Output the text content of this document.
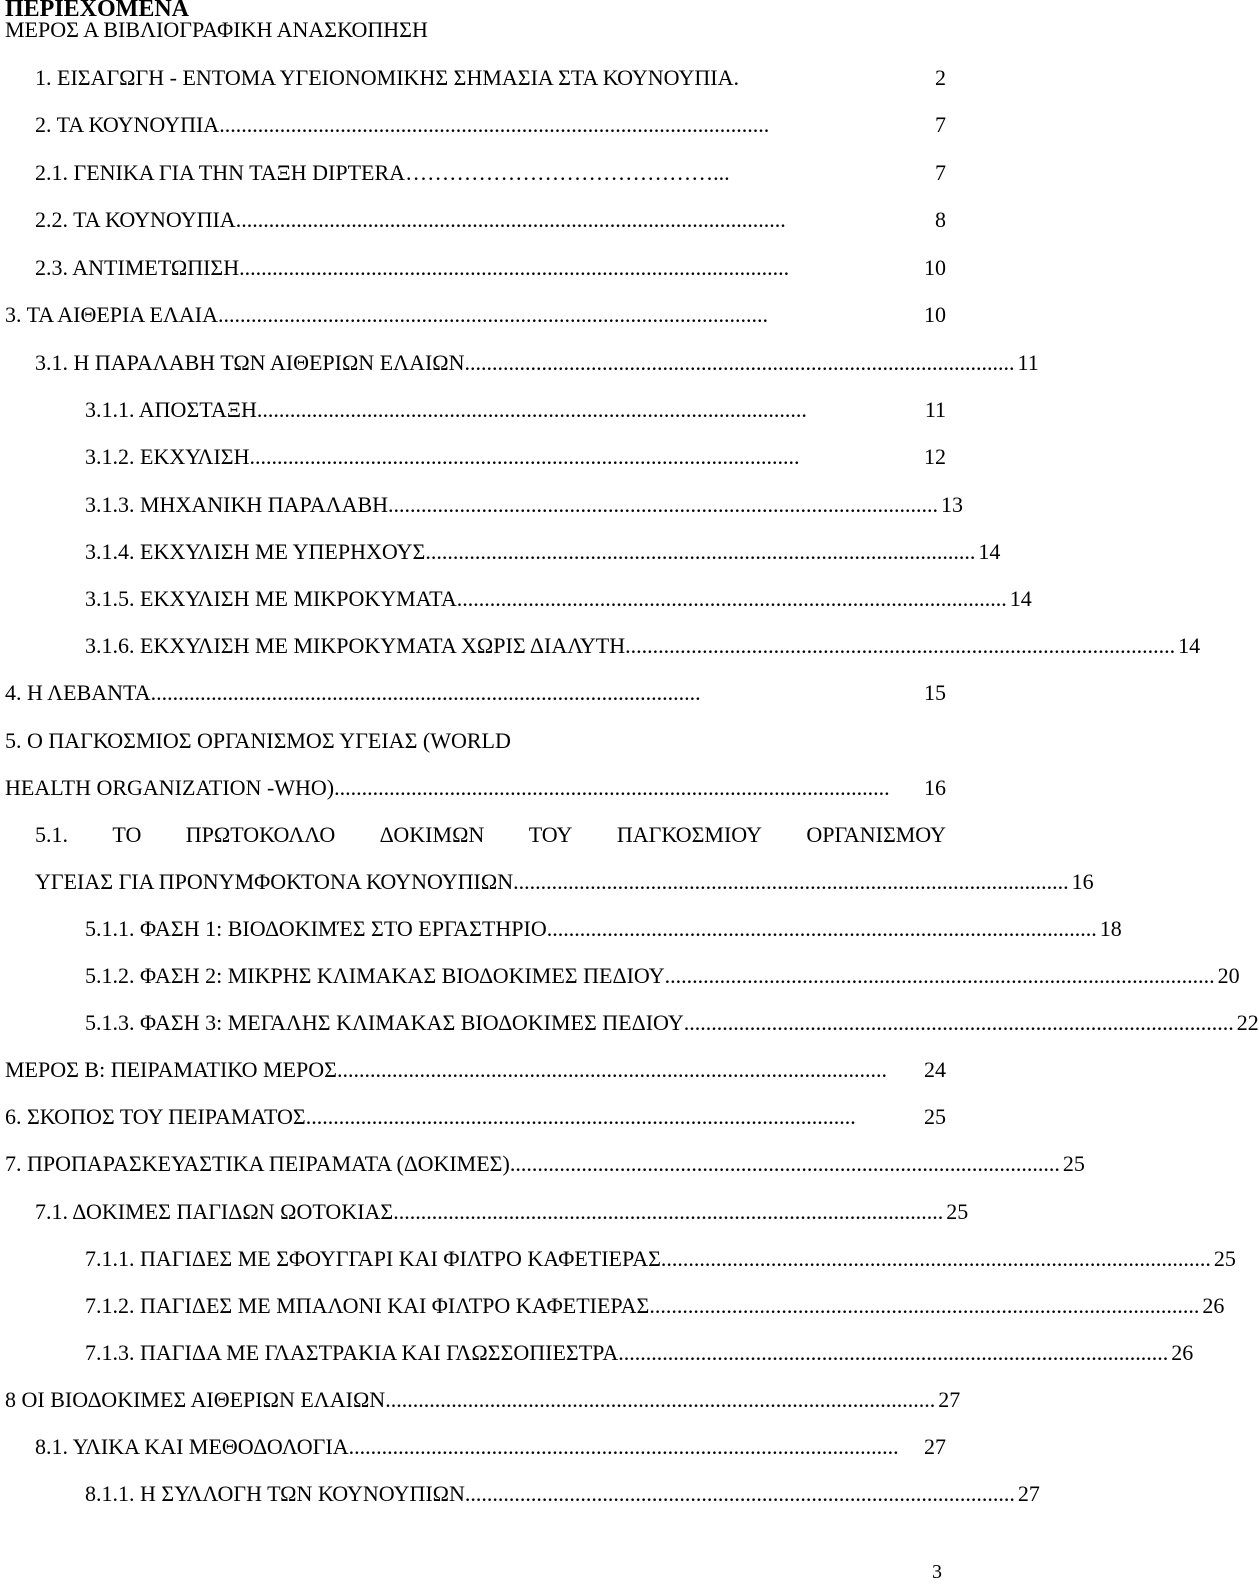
ΠΕΡΙΕΧΟΜΕΝΑ
ΜΕΡΟΣ Α ΒΙΒΛΙΟΓΡΑΦΙΚΗ ΑΝΑΣΚΟΠΗΣΗ
1. ΕΙΣΑΓΩΓΗ - ΕΝΤΟΜΑ ΥΓΕΙΟΝΟΜΙΚΗΣ ΣΗΜΑΣΙΑ ΣΤΑ ΚΟΥΝΟΥΠΙΑ .	2
2. ΤΑ ΚΟΥΝΟΥΠΙΑ ....................................................................................................	7
2.1. ΓΕΝΙΚΑ ΓΙΑ ΤΗΝ ΤΑΞΗ DIPTERA ……………………………………...	7
2.2. ΤΑ ΚΟΥΝΟΥΠΙΑ ....................................................................................................	8
2.3. ΑΝΤΙΜΕΤΩΠΙΣΗ ....................................................................................................	10
3. ΤΑ ΑΙΘΕΡΙΑ ΕΛΑΙΑ ....................................................................................................	10
3.1. Η ΠΑΡΑΛΑΒΗ ΤΩΝ ΑΙΘΕΡΙΩΝ ΕΛΑΙΩΝ .................................................................................................... 11
3.1.1. ΑΠΟΣΤΑΞΗ ....................................................................................................	11
3.1.2. ΕΚΧΥΛΙΣΗ ....................................................................................................	12
3.1.3. ΜΗΧΑΝΙΚΗ ΠΑΡΑΛΑΒΗ .................................................................................................... 13
3.1.4. ΕΚΧΥΛΙΣΗ ΜΕ ΥΠΕΡΗΧΟΥΣ .................................................................................................... 14
3.1.5. ΕΚΧΥΛΙΣΗ ΜΕ ΜΙΚΡΟΚΥΜΑΤΑ .................................................................................................... 14
3.1.6. ΕΚΧΥΛΙΣΗ ΜΕ ΜΙΚΡΟΚΥΜΑΤΑ ΧΩΡΙΣ ΔΙΑΛΥΤΗ .................................................................................................... 14
4. Η ΛΕΒΑΝΤΑ ....................................................................................................	15
5. Ο ΠΑΓΚΟΣΜΙΟΣ ΟΡΓΑΝΙΣΜΟΣ ΥΓΕΙΑΣ (WORLD
HEALTH ORGANIZATION -WHO). ....................................................................................................	16
5.1. ΤΟ ΠΡΩΤΟΚΟΛΛΟ ΔΟΚΙΜΩΝ ΤΟΥ ΠΑΓΚΟΣΜΙΟΥ ΟΡΓΑΝΙΣΜΟΥ
ΥΓΕΙΑΣ ΓΙΑ ΠΡΟΝΥΜΦΟΚΤΟΝΑ ΚΟΥΝΟΥΠΙΩΝ. .................................................................................................... 16
5.1.1. ΦΑΣΗ 1: ΒΙΟΔΟΚΙΜΈΣ ΣΤΟ ΕΡΓΑΣΤΗΡΙΟ .................................................................................................... 18
5.1.2. ΦΑΣΗ 2: ΜΙΚΡΗΣ ΚΛΙΜΑΚΑΣ ΒΙΟΔΟΚΙΜΕΣ ΠΕΔΙΟΥ .................................................................................................... 20
5.1.3. ΦΑΣΗ 3: ΜΕΓΑΛΗΣ ΚΛΙΜΑΚΑΣ ΒΙΟΔΟΚΙΜΕΣ ΠΕΔΙΟΥ .................................................................................................... 22
ΜΕΡΟΣ Β: ΠΕΙΡΑΜΑΤΙΚΟ ΜΕΡΟΣ ....................................................................................................	24
6. ΣΚΟΠΟΣ ΤΟΥ ΠΕΙΡΑΜΑΤΟΣ ....................................................................................................	25
7. ΠΡΟΠΑΡΑΣΚΕΥΑΣΤΙΚΑ ΠΕΙΡΑΜΑΤΑ (ΔΟΚΙΜΕΣ) .................................................................................................... 25
7.1. ΔΟΚΙΜΕΣ ΠΑΓΙΔΩΝ ΩΟΤΟΚΙΑΣ .................................................................................................... 25
7.1.1. ΠΑΓΙΔΕΣ ΜΕ ΣΦΟΥΓΓΑΡΙ ΚΑΙ ΦΙΛΤΡΟ ΚΑΦΕΤΙΕΡΑΣ .................................................................................................... 25
7.1.2. ΠΑΓΙΔΕΣ ΜΕ ΜΠΑΛΟΝΙ ΚΑΙ ΦΙΛΤΡΟ ΚΑΦΕΤΙΕΡΑΣ .................................................................................................... 26
7.1.3. ΠΑΓΙΔΑ ΜΕ ΓΛΑΣΤΡΑΚΙΑ ΚΑΙ ΓΛΩΣΣΟΠΙΕΣΤΡΑ .................................................................................................... 26
8 ΟΙ ΒΙΟΔΟΚΙΜΕΣ ΑΙΘΕΡΙΩΝ ΕΛΑΙΩΝ .................................................................................................... 27
8.1. ΥΛΙΚΑ ΚΑΙ ΜΕΘΟΔΟΛΟΓΙΑ ....................................................................................................	27
8.1.1. Η ΣΥΛΛΟΓΗ ΤΩΝ ΚΟΥΝΟΥΠΙΩΝ .................................................................................................... 27
3
